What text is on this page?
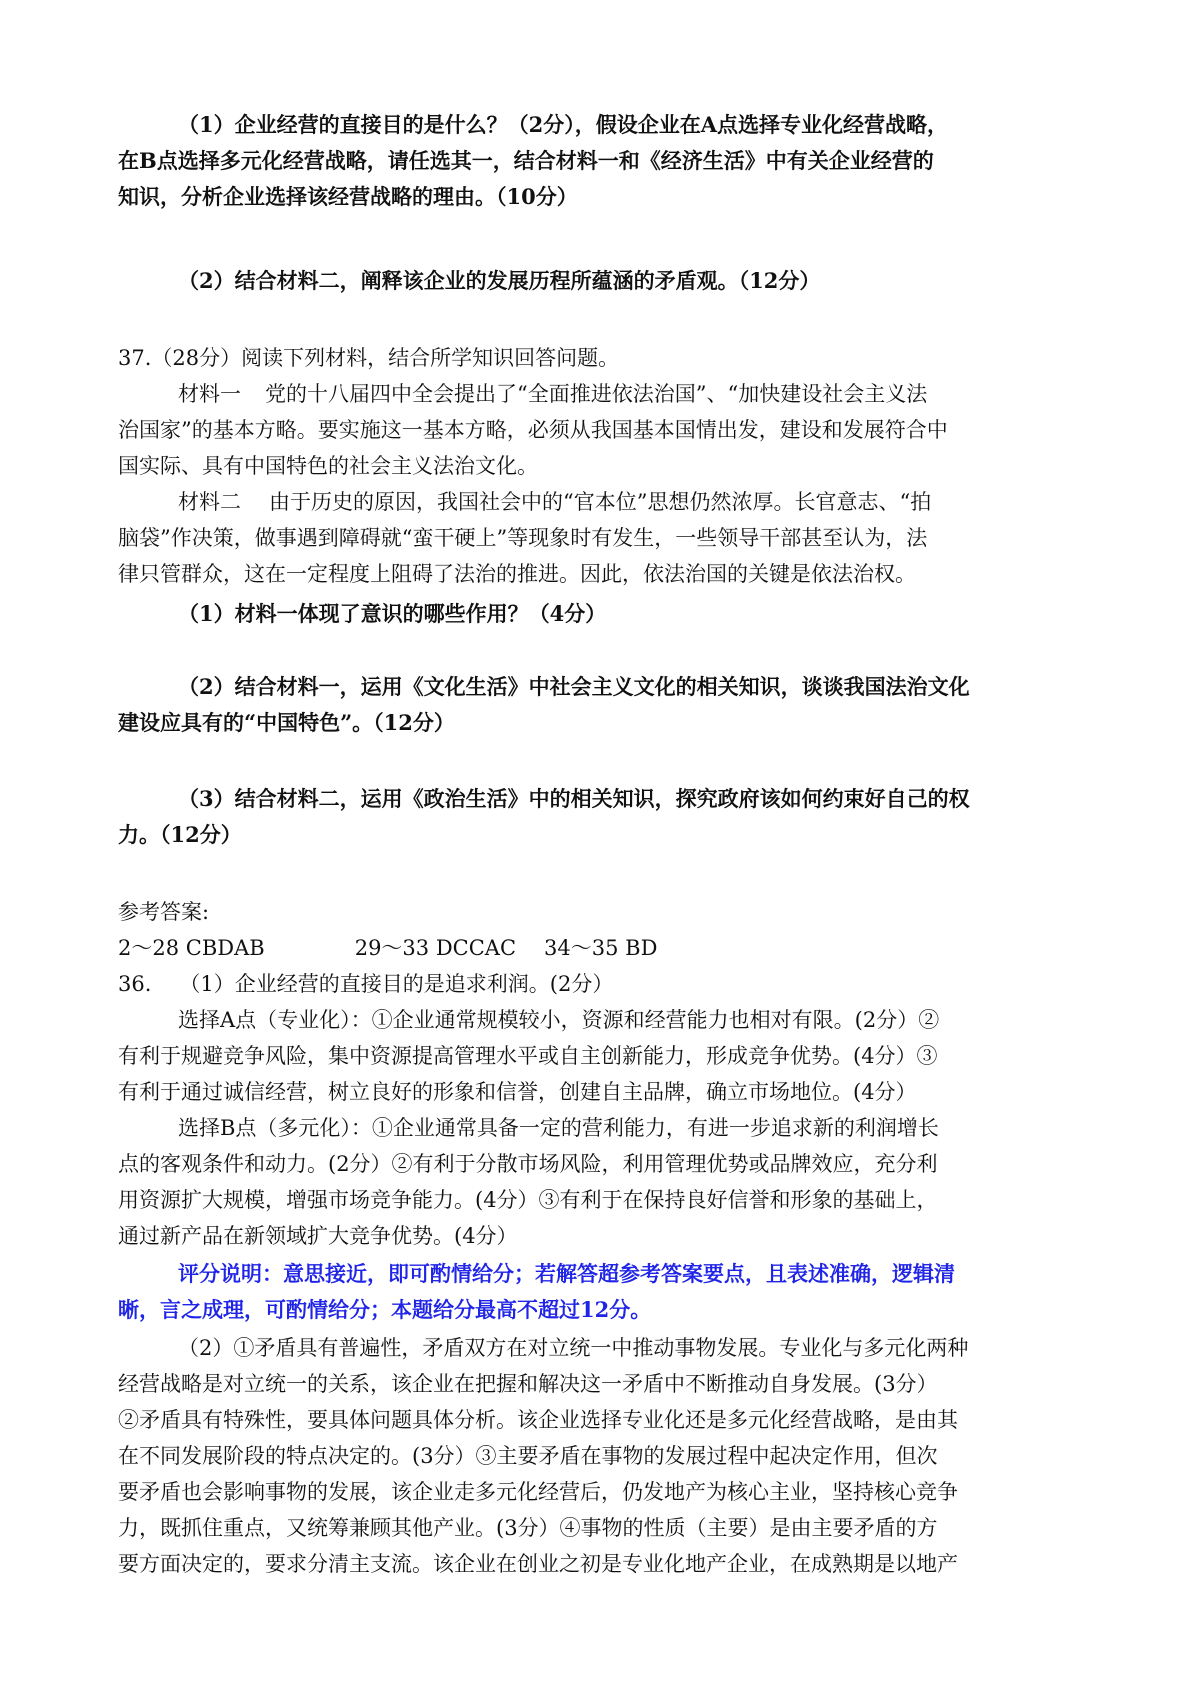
（1）企业经营的直接目的是什么？（2分），假设企业在A点选择专业化经营战略，
在B点选择多元化经营战略，请任选其一，结合材料一和《经济生活》中有关企业经营的
知识，分析企业选择该经营战略的理由。（10分）
（2）结合材料二，阐释该企业的发展历程所蕴涵的矛盾观。（12分）
37.（28分）阅读下列材料，结合所学知识回答问题。
材料一 党的十八届四中全会提出了“全面推进依法治国”、“加快建设社会主义法
治国家”的基本方略。要实施这一基本方略，必须从我国基本国情出发，建设和发展符合中
国实际、具有中国特色的社会主义法治文化。
材料二 由于历史的原因，我国社会中的“官本位”思想仍然浓厚。长官意志、“拍
脑袋”作决策，做事遇到障碍就“蛮干硬上”等现象时有发生，一些领导干部甚至认为，法
律只管群众，这在一定程度上阻碍了法治的推进。因此，依法治国的关键是依法治权。
（1）材料一体现了意识的哪些作用？（4分）
（2）结合材料一，运用《文化生活》中社会主义文化的相关知识，谈谈我国法治文化
建设应具有的“中国特色”。（12分）
（3）结合材料二，运用《政治生活》中的相关知识，探究政府该如何约束好自己的权
力。（12分）
参考答案:
2～28 CBDAB	29～33 DCCAC 34～35 BD
36. （1）企业经营的直接目的是追求利润。(2分）
选择A点（专业化）：①企业通常规模较小，资源和经营能力也相对有限。(2分）②
有利于规避竞争风险，集中资源提高管理水平或自主创新能力，形成竞争优势。(4分）③
有利于通过诚信经营，树立良好的形象和信誉，创建自主品牌，确立市场地位。(4分）
选择B点（多元化）：①企业通常具备一定的营利能力，有进一步追求新的利润增长
点的客观条件和动力。(2分）②有利于分散市场风险，利用管理优势或品牌效应，充分利
用资源扩大规模，增强市场竞争能力。(4分）③有利于在保持良好信誉和形象的基础上，
通过新产品在新领域扩大竞争优势。(4分）
评分说明：意思接近，即可酌情给分；若解答超参考答案要点，且表述准确，逻辑清
晰，言之成理，可酌情给分；本题给分最高不超过12分。
（2）①矛盾具有普遍性，矛盾双方在对立统一中推动事物发展。专业化与多元化两种
经营战略是对立统一的关系，该企业在把握和解决这一矛盾中不断推动自身发展。(3分）
②矛盾具有特殊性，要具体问题具体分析。该企业选择专业化还是多元化经营战略，是由其
在不同发展阶段的特点决定的。(3分）③主要矛盾在事物的发展过程中起决定作用，但次
要矛盾也会影响事物的发展，该企业走多元化经营后，仍发地产为核心主业，坚持核心竞争
力，既抓住重点，又统筹兼顾其他产业。(3分）④事物的性质（主要）是由主要矛盾的方
要方面决定的，要求分清主支流。该企业在创业之初是专业化地产企业，在成熟期是以地产
